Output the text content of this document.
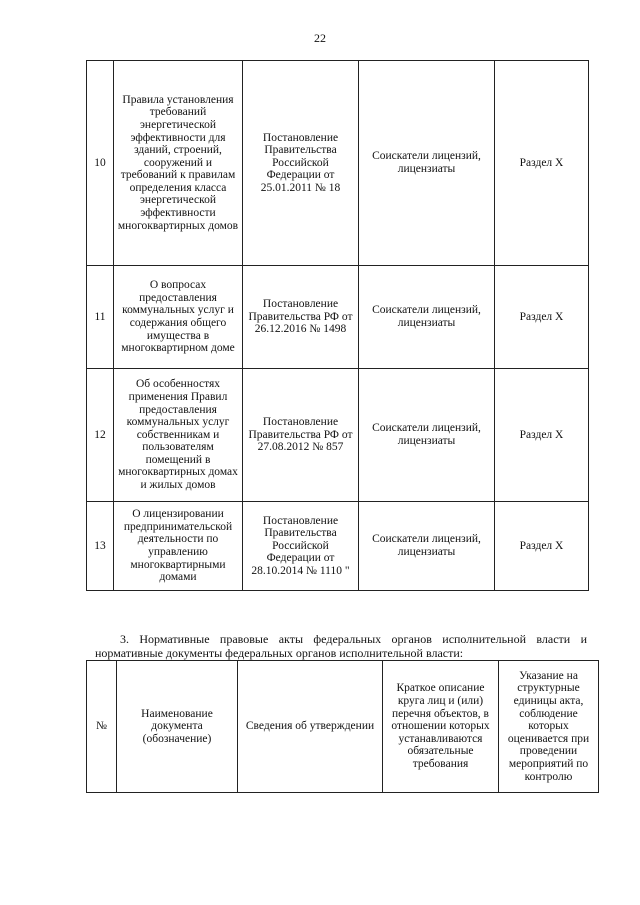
22
10	Правила установления требований энергетической эффективности для зданий, строений, сооружений и требований к правилам определения класса энергетической эффективности многоквартирных домов	Постановление Правительства Российской Федерации от 25.01.2011 № 18	Соискатели лицензий, лицензиаты	Раздел X
11	О вопросах предоставления коммунальных услуг и содержания общего имущества в многоквартирном доме	Постановление Правительства РФ от 26.12.2016 № 1498	Соискатели лицензий, лицензиаты	Раздел X
12	Об особенностях применения Правил предоставления коммунальных услуг собственникам и пользователям помещений в многоквартирных домах и жилых домов	Постановление Правительства РФ от 27.08.2012 № 857	Соискатели лицензий, лицензиаты	Раздел X
13	О лицензировании предпринимательской деятельности по управлению многоквартирными домами	Постановление Правительства Российской Федерации от 28.10.2014 № 1110 "	Соискатели лицензий, лицензиаты	Раздел X
3. Нормативные правовые акты федеральных органов исполнительной власти и нормативные документы федеральных органов исполнительной власти:
№	Наименование документа (обозначение)	Сведения об утверждении	Краткое описание круга лиц и (или) перечня объектов, в отношении которых устанавливаются обязательные требования	Указание на структурные единицы акта, соблюдение которых оценивается при проведении мероприятий по контролю
